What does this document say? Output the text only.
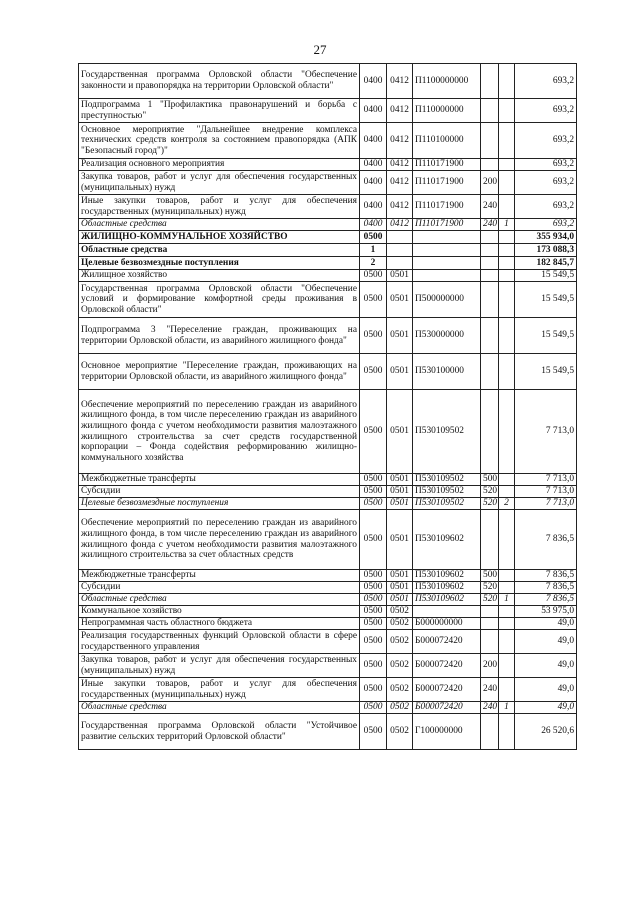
27
Государственная программа Орловской области "Обеспечение законности и правопорядка на территории Орловской области"	0400	0412	П1100000000			693,2
Подпрограмма 1 "Профилактика правонарушений и борьба с преступностью"	0400	0412	П110000000			693,2
Основное мероприятие "Дальнейшее внедрение комплекса технических средств контроля за состоянием правопорядка (АПК "Безопасный город")"	0400	0412	П110100000			693,2
Реализация основного мероприятия	0400	0412	П110171900			693,2
Закупка товаров, работ и услуг для обеспечения государственных (муниципальных) нужд	0400	0412	П110171900	200		693,2
Иные закупки товаров, работ и услуг для обеспечения государственных (муниципальных) нужд	0400	0412	П110171900	240		693,2
Областные средства	0400	0412	П110171900	240	1	693,2
ЖИЛИЩНО-КОММУНАЛЬНОЕ ХОЗЯЙСТВО	0500					355 934,0
Областные средства	1					173 088,3
Целевые безвозмездные поступления	2					182 845,7
Жилищное хозяйство	0500	0501				15 549,5
Государственная программа Орловской области "Обеспечение условий и формирование комфортной среды проживания в Орловской области"	0500	0501	П500000000			15 549,5
Подпрограмма 3 "Переселение граждан, проживающих на территории Орловской области, из аварийного жилищного фонда"	0500	0501	П530000000			15 549,5
Основное мероприятие "Переселение граждан, проживающих на территории Орловской области, из аварийного жилищного фонда"	0500	0501	П530100000			15 549,5
Обеспечение мероприятий по переселению граждан из аварийного жилищного фонда, в том числе переселению граждан из аварийного жилищного фонда с учетом необходимости развития малоэтажного жилищного строительства за счет средств государственной корпорации – Фонда содействия реформированию жилищно-коммунального хозяйства	0500	0501	П530109502			7 713,0
Межбюджетные трансферты	0500	0501	П530109502	500		7 713,0
Субсидии	0500	0501	П530109502	520		7 713,0
Целевые безвозмездные поступления	0500	0501	П530109502	520	2	7 713,0
Обеспечение мероприятий по переселению граждан из аварийного жилищного фонда, в том числе переселению граждан из аварийного жилищного фонда с учетом необходимости развития малоэтажного жилищного строительства за счет областных средств	0500	0501	П530109602			7 836,5
Межбюджетные трансферты	0500	0501	П530109602	500		7 836,5
Субсидии	0500	0501	П530109602	520		7 836,5
Областные средства	0500	0501	П530109602	520	1	7 836,5
Коммунальное хозяйство	0500	0502				53 975,0
Непрограммная часть областного бюджета	0500	0502	Б000000000			49,0
Реализация государственных функций Орловской области в сфере государственного управления	0500	0502	Б000072420			49,0
Закупка товаров, работ и услуг для обеспечения государственных (муниципальных) нужд	0500	0502	Б000072420	200		49,0
Иные закупки товаров, работ и услуг для обеспечения государственных (муниципальных) нужд	0500	0502	Б000072420	240		49,0
Областные средства	0500	0502	Б000072420	240	1	49,0
Государственная программа Орловской области "Устойчивое развитие сельских территорий Орловской области"	0500	0502	Г100000000			26 520,6
